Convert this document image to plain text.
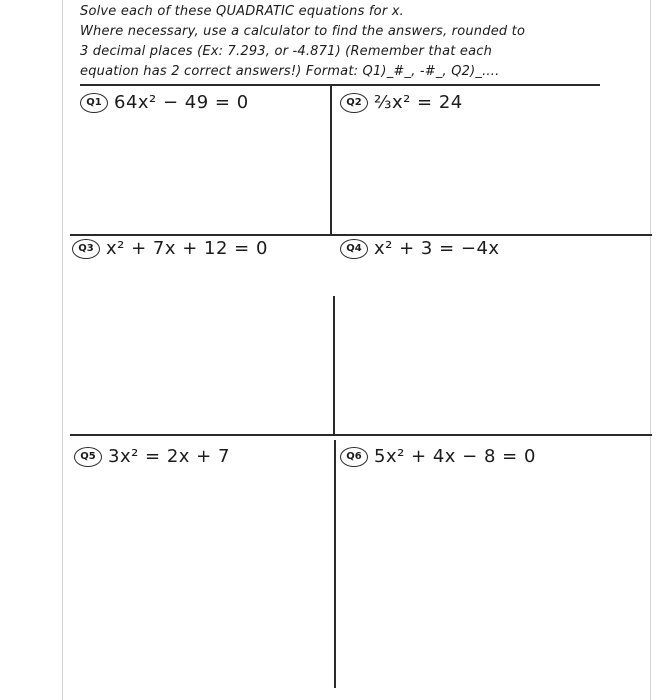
Solve each of these QUADRATIC equations for x.
Where necessary, use a calculator to find the answers, rounded to
3 decimal places (Ex: 7.293, or -4.871) (Remember that each
equation has 2 correct answers!) Format: Q1)_#_, -#_, Q2)_....
Q1 64x² − 49 = 0	Q2 ⅔x² = 24
Q3 x² + 7x + 12 = 0	Q4 x² + 3 = −4x
Q5 3x² = 2x + 7	Q6 5x² + 4x − 8 = 0
